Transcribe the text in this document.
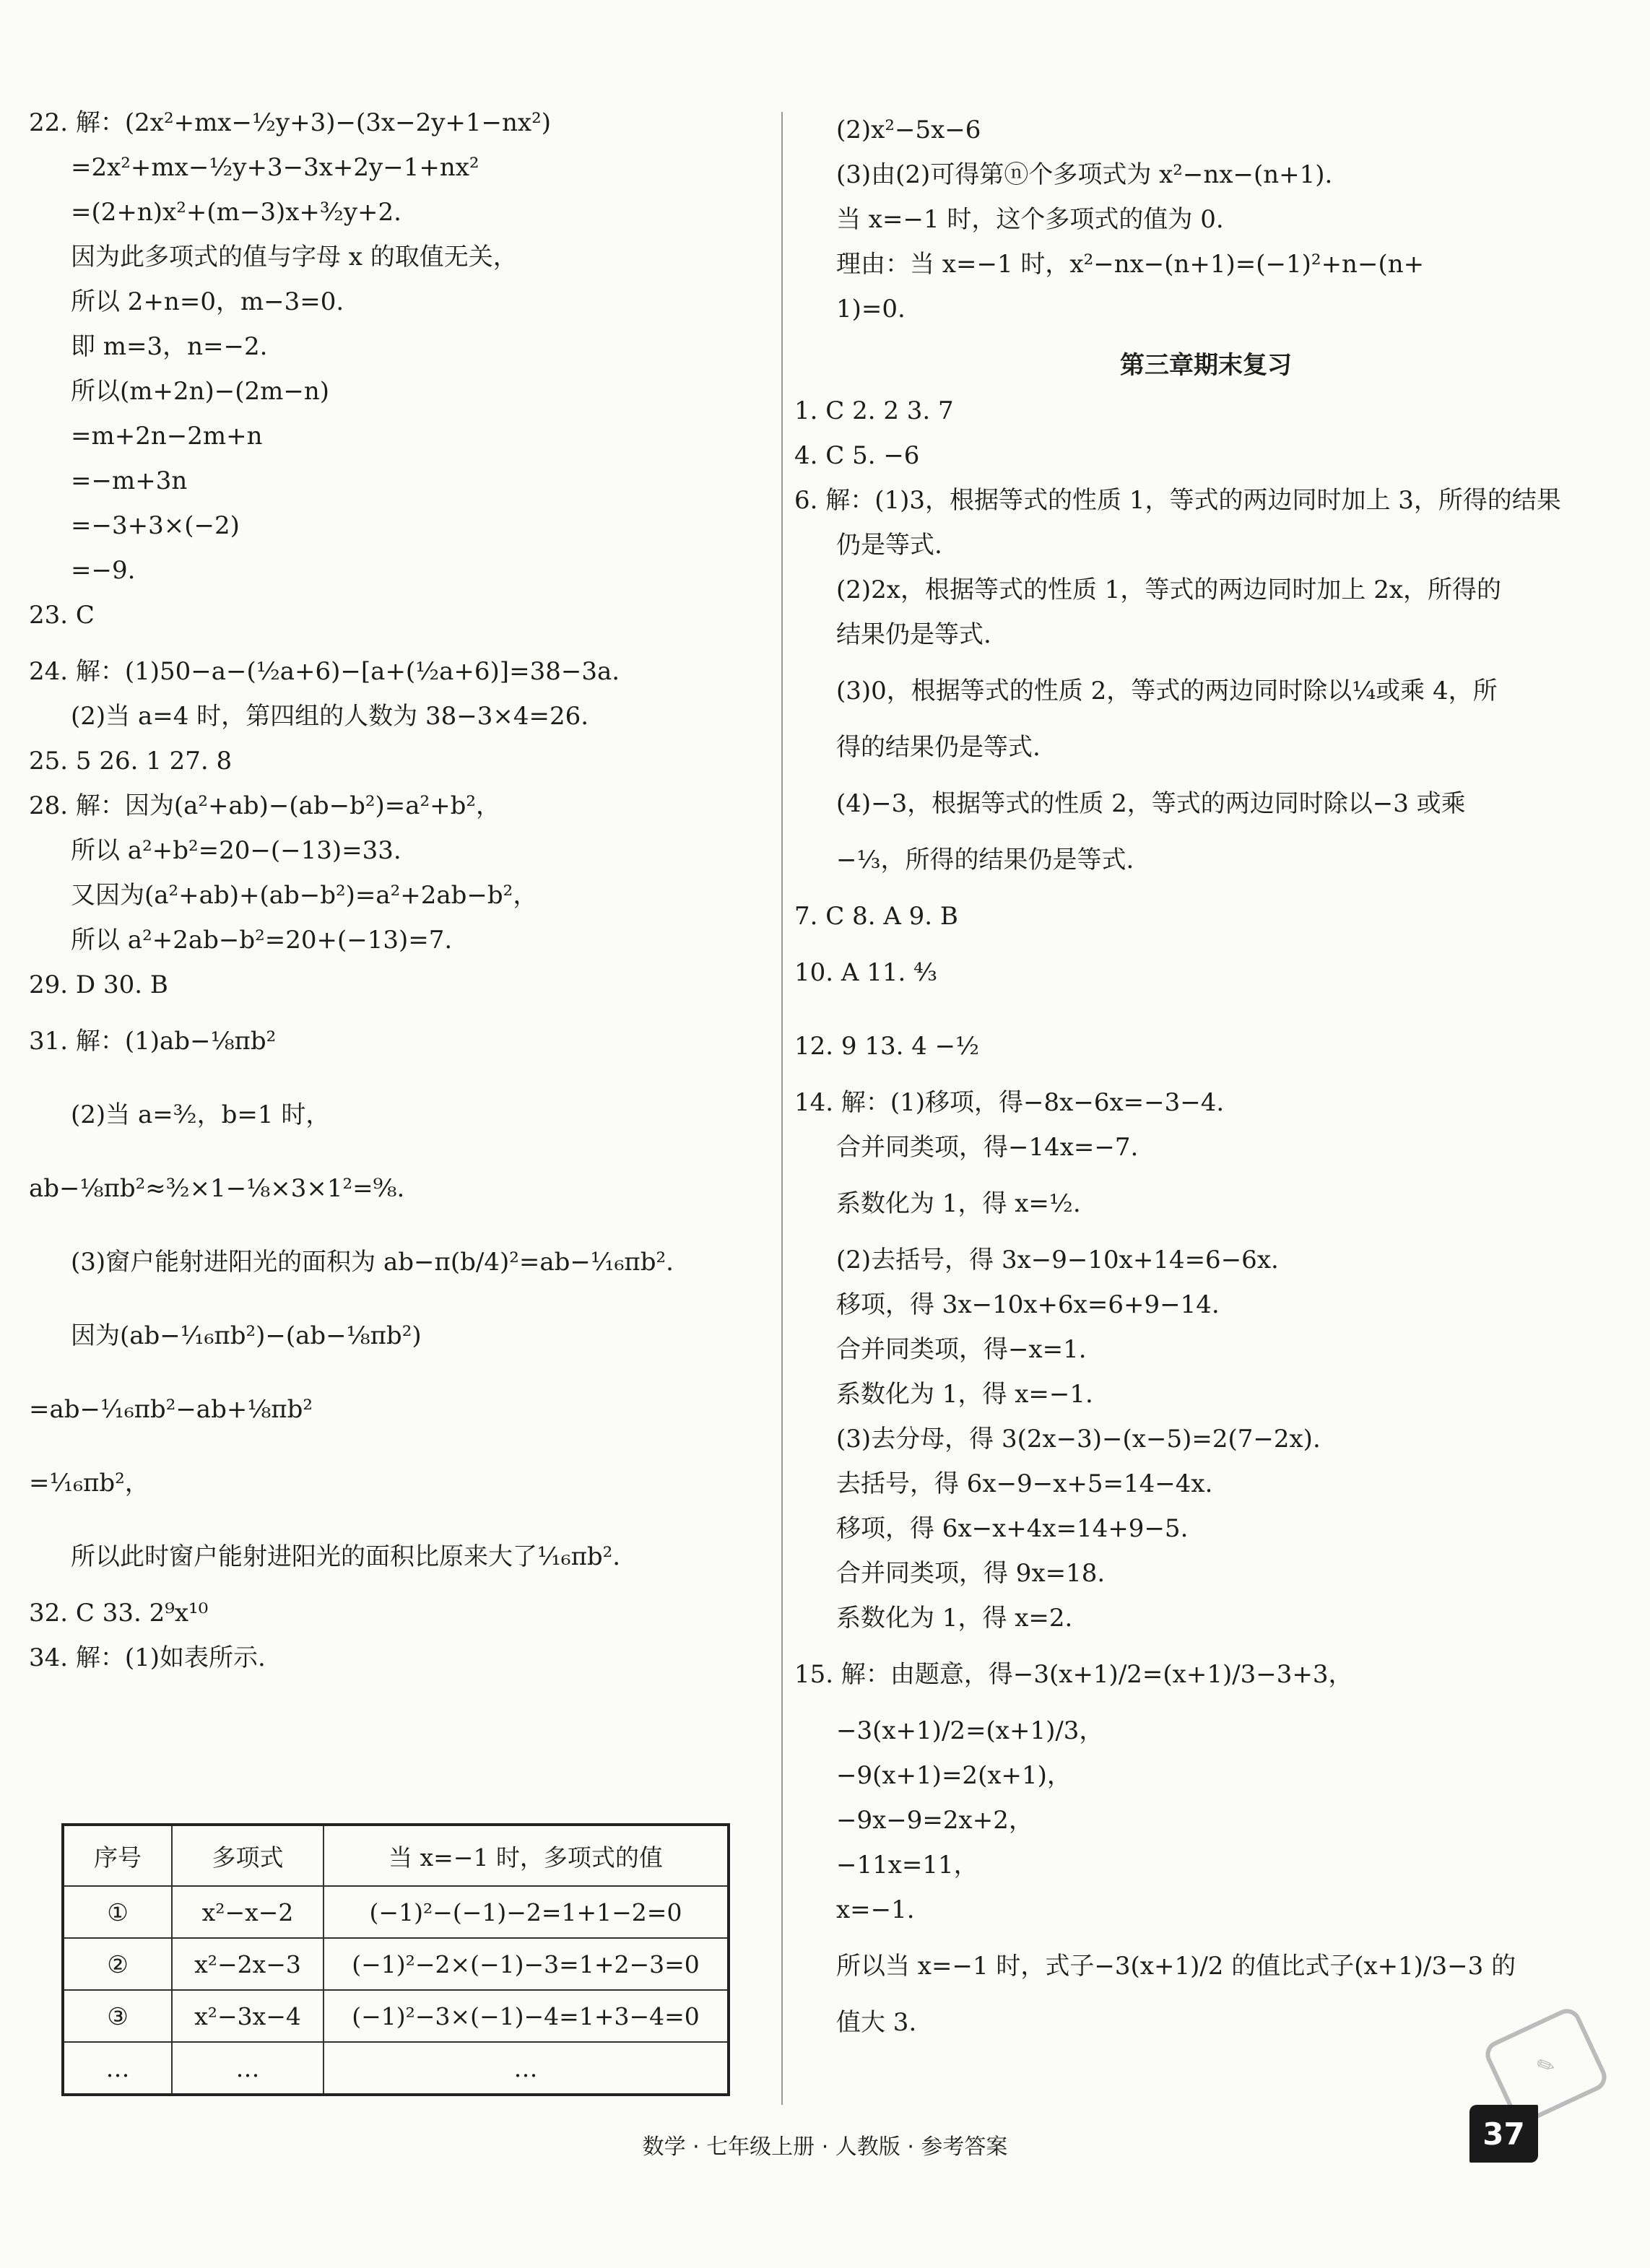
22. 解：(2x²+mx−½y+3)−(3x−2y+1−nx²)
=2x²+mx−½y+3−3x+2y−1+nx²
=(2+n)x²+(m−3)x+³⁄₂y+2.
因为此多项式的值与字母 x 的取值无关，
所以 2+n=0，m−3=0.
即 m=3，n=−2.
所以(m+2n)−(2m−n)
=m+2n−2m+n
=−m+3n
=−3+3×(−2)
=−9.
23. C
24. 解：(1)50−a−(½a+6)−[a+(½a+6)]=38−3a.
(2)当 a=4 时，第四组的人数为 38−3×4=26.
25. 5 26. 1 27. 8
28. 解：因为(a²+ab)−(ab−b²)=a²+b²，
所以 a²+b²=20−(−13)=33.
又因为(a²+ab)+(ab−b²)=a²+2ab−b²，
所以 a²+2ab−b²=20+(−13)=7.
29. D 30. B
31. 解：(1)ab−⅛πb²
(2)当 a=³⁄₂，b=1 时，
ab−⅛πb²≈³⁄₂×1−⅛×3×1²=⁹⁄₈.
(3)窗户能射进阳光的面积为 ab−π(b/4)²=ab−¹⁄₁₆πb².
因为(ab−¹⁄₁₆πb²)−(ab−⅛πb²)
=ab−¹⁄₁₆πb²−ab+⅛πb²
=¹⁄₁₆πb²，
所以此时窗户能射进阳光的面积比原来大了¹⁄₁₆πb².
32. C 33. 2⁹x¹⁰
34. 解：(1)如表所示.
序号	多项式	当 x=−1 时，多项式的值
①	x²−x−2	(−1)²−(−1)−2=1+1−2=0
②	x²−2x−3	(−1)²−2×(−1)−3=1+2−3=0
③	x²−3x−4	(−1)²−3×(−1)−4=1+3−4=0
…	…	…
(2)x²−5x−6
(3)由(2)可得第ⓝ个多项式为 x²−nx−(n+1).
当 x=−1 时，这个多项式的值为 0.
理由：当 x=−1 时，x²−nx−(n+1)=(−1)²+n−(n+
1)=0.
第三章期末复习
1. C 2. 2 3. 7
4. C 5. −6
6. 解：(1)3，根据等式的性质 1，等式的两边同时加上 3，所得的结果
仍是等式.
(2)2x，根据等式的性质 1，等式的两边同时加上 2x，所得的
结果仍是等式.
(3)0，根据等式的性质 2，等式的两边同时除以¼或乘 4，所
得的结果仍是等式.
(4)−3，根据等式的性质 2，等式的两边同时除以−3 或乘
−⅓，所得的结果仍是等式.
7. C 8. A 9. B
10. A 11. ⁴⁄₃
12. 9 13. 4 −½
14. 解：(1)移项，得−8x−6x=−3−4.
合并同类项，得−14x=−7.
系数化为 1，得 x=½.
(2)去括号，得 3x−9−10x+14=6−6x.
移项，得 3x−10x+6x=6+9−14.
合并同类项，得−x=1.
系数化为 1，得 x=−1.
(3)去分母，得 3(2x−3)−(x−5)=2(7−2x).
去括号，得 6x−9−x+5=14−4x.
移项，得 6x−x+4x=14+9−5.
合并同类项，得 9x=18.
系数化为 1，得 x=2.
15. 解：由题意，得−3(x+1)/2=(x+1)/3−3+3，
−3(x+1)/2=(x+1)/3，
−9(x+1)=2(x+1)，
−9x−9=2x+2，
−11x=11，
x=−1.
所以当 x=−1 时，式子−3(x+1)/2 的值比式子(x+1)/3−3 的
值大 3.
✎
数学 · 七年级上册 · 人教版 · 参考答案	37
